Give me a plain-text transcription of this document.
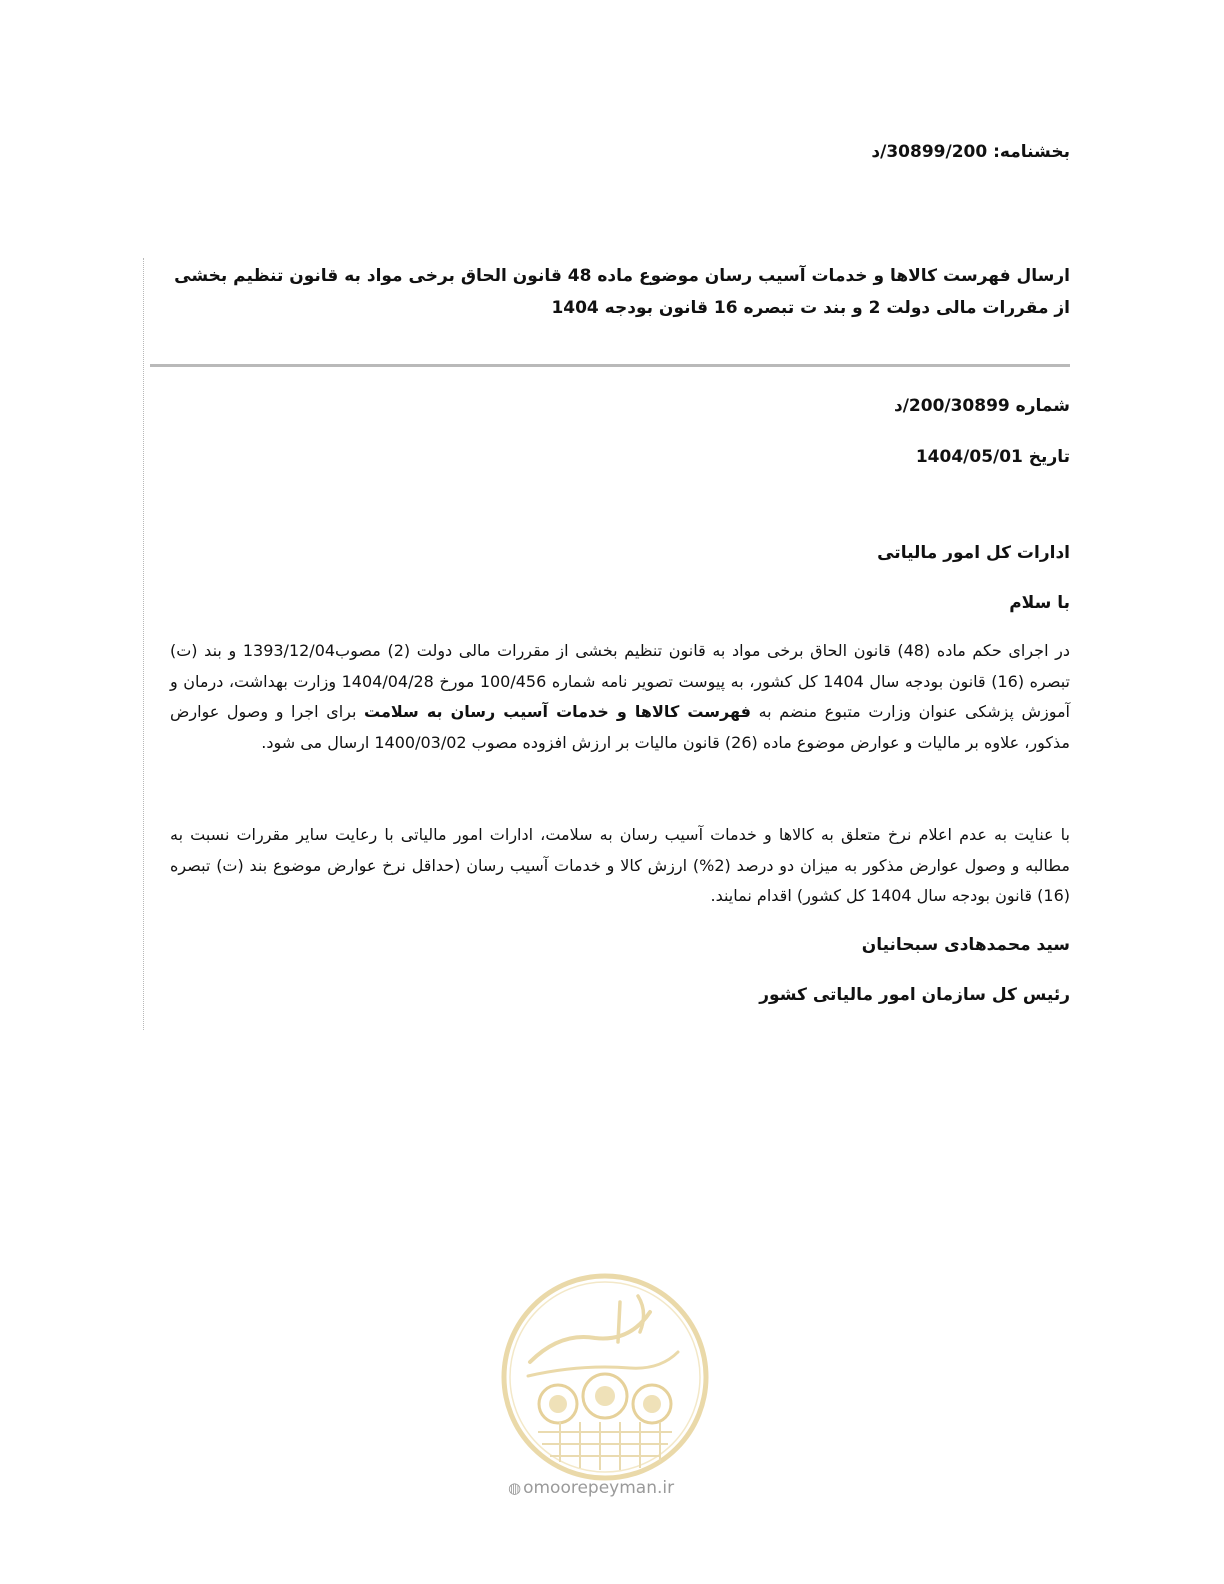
بخشنامه: 30899/200/د
ارسال فهرست کالاها و خدمات آسیب رسان موضوع ماده 48 قانون الحاق برخی مواد به قانون تنظیم بخشی از مقررات مالی دولت 2 و بند ت تبصره 16 قانون بودجه 1404
شماره 200/30899/د
تاریخ 1404/05/01
ادارات کل امور مالیاتی
با سلام
در اجرای حکم ماده (48) قانون الحاق برخی مواد به قانون تنظیم بخشی از مقررات مالی دولت (2) مصوب1393/12/04 و بند (ت) تبصره (16) قانون بودجه سال 1404 کل کشور، به پیوست تصویر نامه شماره 100/456 مورخ 1404/04/28 وزارت بهداشت، درمان و آموزش پزشکی عنوان وزارت متبوع منضم به فهرست کالاها و خدمات آسیب رسان به سلامت برای اجرا و وصول عوارض مذکور، علاوه بر مالیات و عوارض موضوع ماده (26) قانون مالیات بر ارزش افزوده مصوب 1400/03/02 ارسال می شود.
با عنایت به عدم اعلام نرخ متعلق به کالاها و خدمات آسیب رسان به سلامت، ادارات امور مالیاتی با رعایت سایر مقررات نسبت به مطالبه و وصول عوارض مذکور به میزان دو درصد (2%) ارزش کالا و خدمات آسیب رسان (حداقل نرخ عوارض موضوع بند (ت) تبصره (16) قانون بودجه سال 1404 کل کشور) اقدام نمایند.
سید محمدهادی سبحانیان
رئیس کل سازمان امور مالیاتی کشور
◍ omoorepeyman.ir
